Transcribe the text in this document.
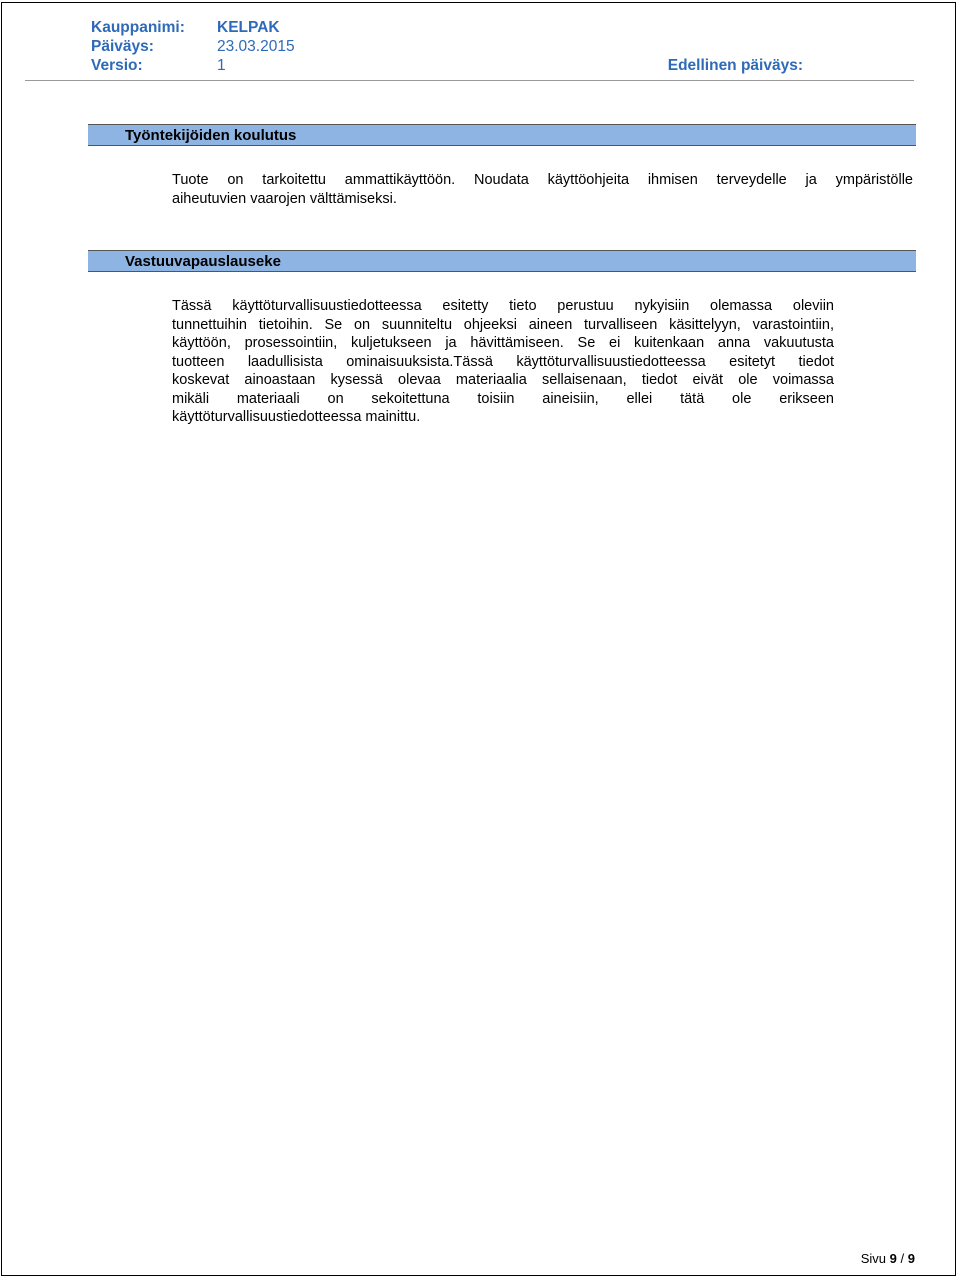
Kauppanimi: KELPAK
Päiväys:	23.03.2015
Versio:	1	Edellinen päiväys:
Työntekijöiden koulutus
Tuote on tarkoitettu ammattikäyttöön. Noudata käyttöohjeita ihmisen terveydelle ja ympäristölle
aiheutuvien vaarojen välttämiseksi.
Vastuuvapauslauseke
Tässä käyttöturvallisuustiedotteessa esitetty tieto perustuu nykyisiin olemassa oleviin
tunnettuihin tietoihin. Se on suunniteltu ohjeeksi aineen turvalliseen käsittelyyn, varastointiin,
käyttöön, prosessointiin, kuljetukseen ja hävittämiseen. Se ei kuitenkaan anna vakuutusta
tuotteen laadullisista ominaisuuksista.Tässä käyttöturvallisuustiedotteessa esitetyt tiedot
koskevat ainoastaan kysessä olevaa materiaalia sellaisenaan, tiedot eivät ole voimassa
mikäli materiaali on sekoitettuna toisiin aineisiin, ellei tätä ole erikseen
käyttöturvallisuustiedotteessa mainittu.
Sivu 9 / 9
